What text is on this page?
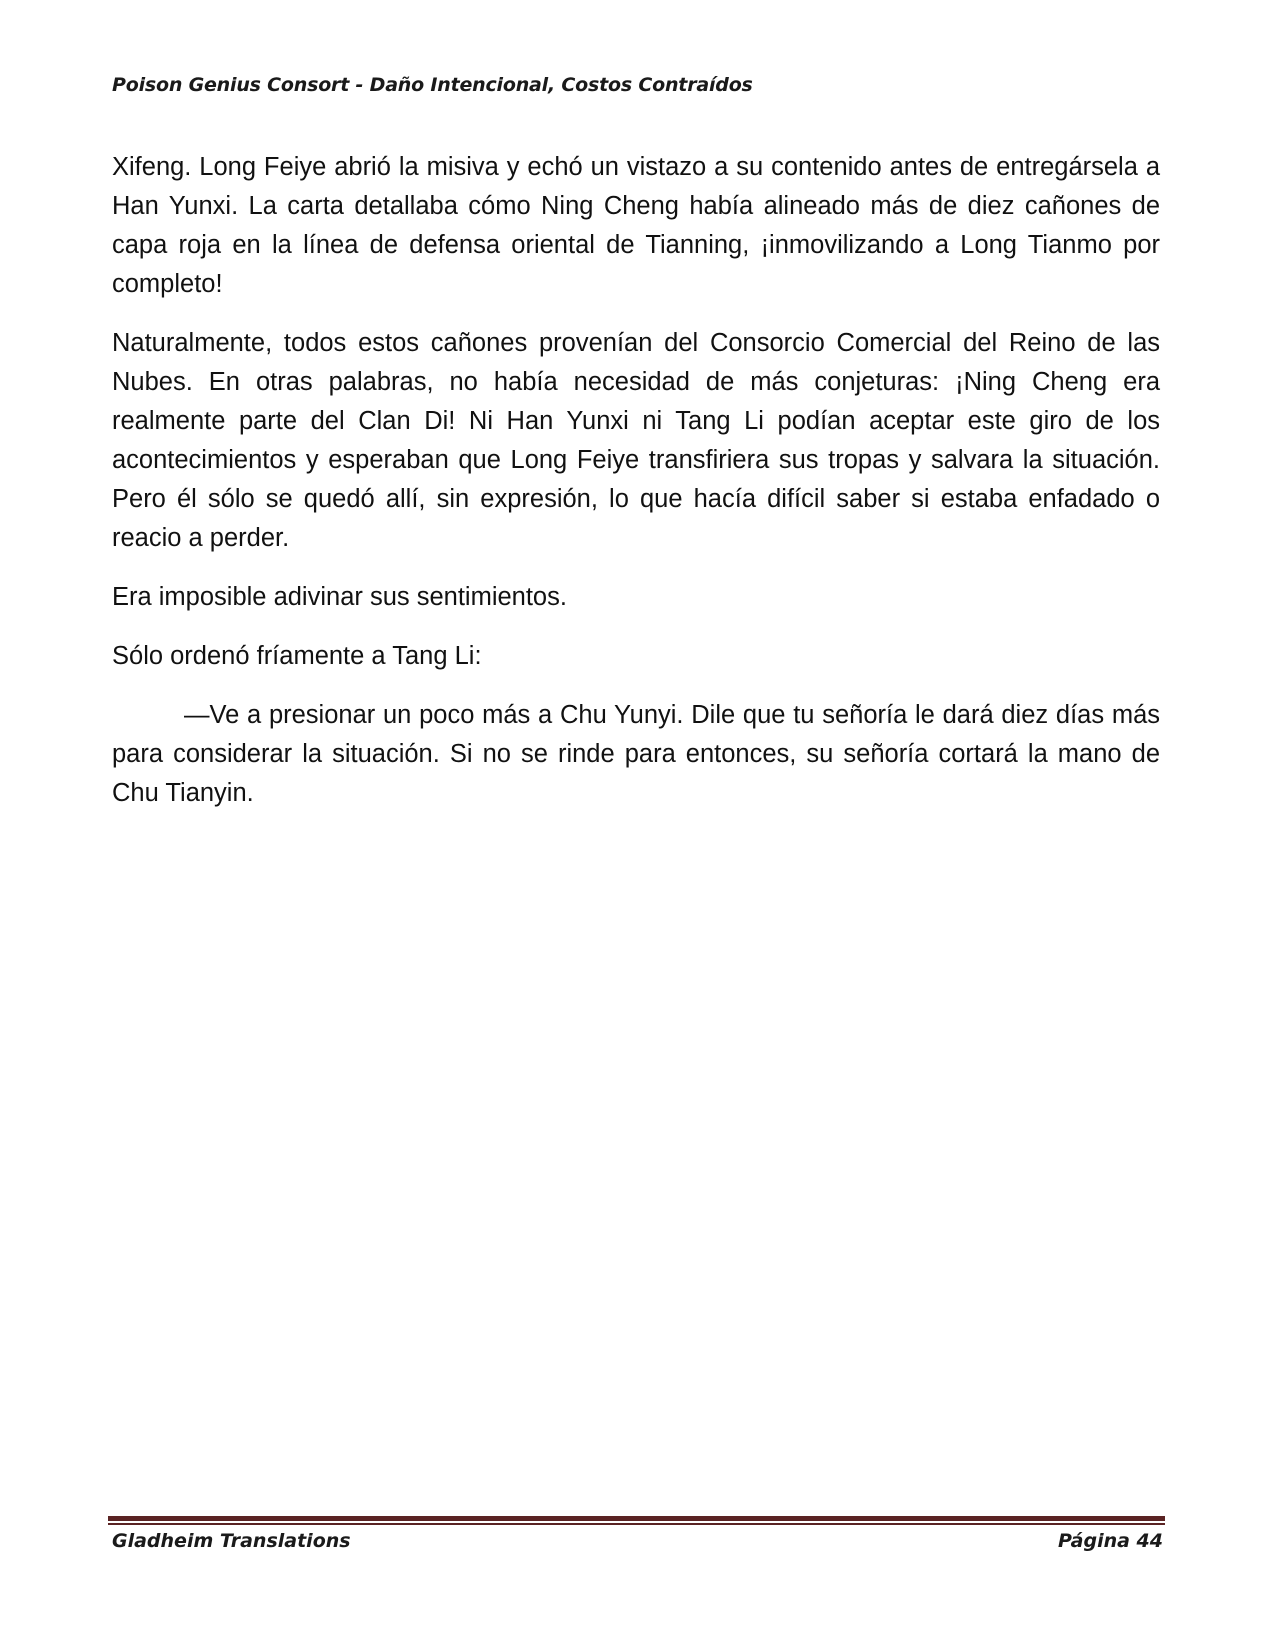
Poison Genius Consort - Daño Intencional, Costos Contraídos

Xifeng. Long Feiye abrió la misiva y echó un vistazo a su contenido antes de entregársela a Han Yunxi. La carta detallaba cómo Ning Cheng había alineado más de diez cañones de capa roja en la línea de defensa oriental de Tianning, ¡inmovilizando a Long Tianmo por completo!

Naturalmente, todos estos cañones provenían del Consorcio Comercial del Reino de las Nubes. En otras palabras, no había necesidad de más conjeturas: ¡Ning Cheng era realmente parte del Clan Di! Ni Han Yunxi ni Tang Li podían aceptar este giro de los acontecimientos y esperaban que Long Feiye transfiriera sus tropas y salvara la situación. Pero él sólo se quedó allí, sin expresión, lo que hacía difícil saber si estaba enfadado o reacio a perder.

Era imposible adivinar sus sentimientos.

Sólo ordenó fríamente a Tang Li:

—Ve a presionar un poco más a Chu Yunyi. Dile que tu señoría le dará diez días más para considerar la situación. Si no se rinde para entonces, su señoría cortará la mano de Chu Tianyin.

Gladheim Translations	Página 44
